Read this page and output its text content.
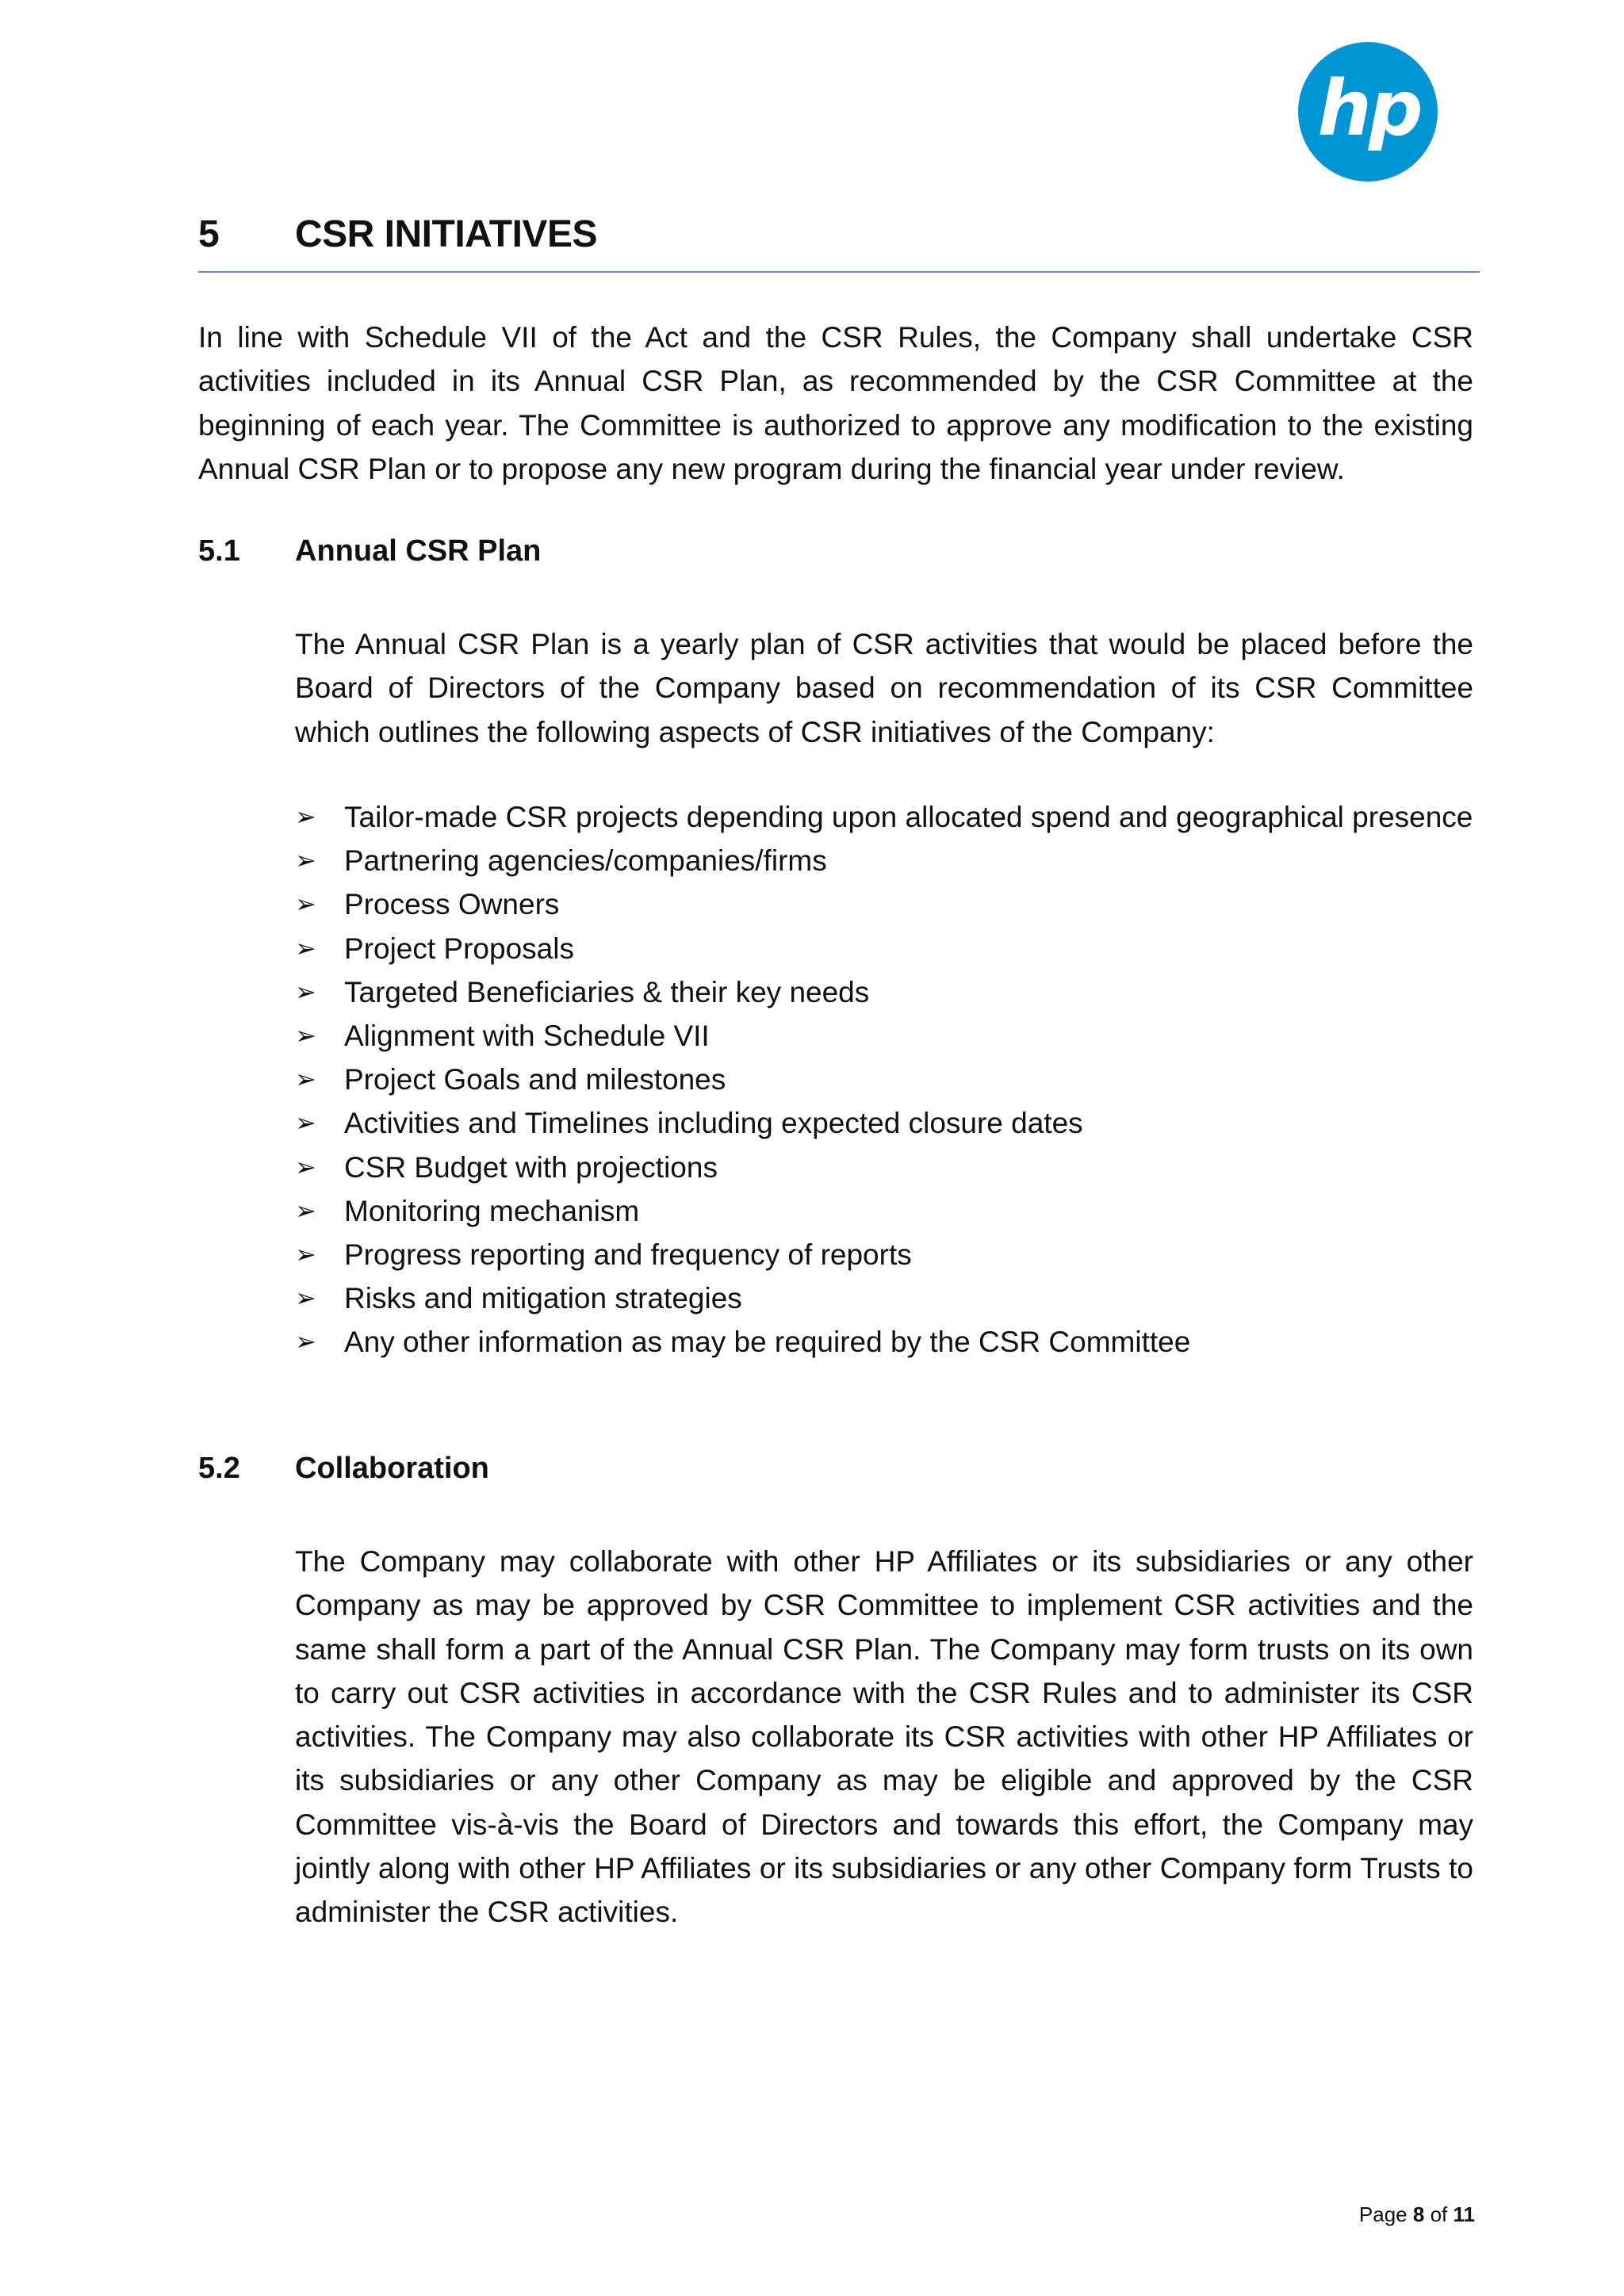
hp
5 CSR INITIATIVES

In line with Schedule VII of the Act and the CSR Rules, the Company shall undertake CSR activities included in its Annual CSR Plan, as recommended by the CSR Committee at the beginning of each year. The Committee is authorized to approve any modification to the existing Annual CSR Plan or to propose any new program during the financial year under review.

5.1 Annual CSR Plan

The Annual CSR Plan is a yearly plan of CSR activities that would be placed before the Board of Directors of the Company based on recommendation of its CSR Committee which outlines the following aspects of CSR initiatives of the Company:

➢ Tailor-made CSR projects depending upon allocated spend and geographical presence
➢ Partnering agencies/companies/firms
➢ Process Owners
➢ Project Proposals
➢ Targeted Beneficiaries & their key needs
➢ Alignment with Schedule VII
➢ Project Goals and milestones
➢ Activities and Timelines including expected closure dates
➢ CSR Budget with projections
➢ Monitoring mechanism
➢ Progress reporting and frequency of reports
➢ Risks and mitigation strategies
➢ Any other information as may be required by the CSR Committee
5.2 Collaboration

The Company may collaborate with other HP Affiliates or its subsidiaries or any other Company as may be approved by CSR Committee to implement CSR activities and the same shall form a part of the Annual CSR Plan. The Company may form trusts on its own to carry out CSR activities in accordance with the CSR Rules and to administer its CSR activities. The Company may also collaborate its CSR activities with other HP Affiliates or its subsidiaries or any other Company as may be eligible and approved by the CSR Committee vis-à-vis the Board of Directors and towards this effort, the Company may jointly along with other HP Affiliates or its subsidiaries or any other Company form Trusts to administer the CSR activities.

Page 8 of 11
